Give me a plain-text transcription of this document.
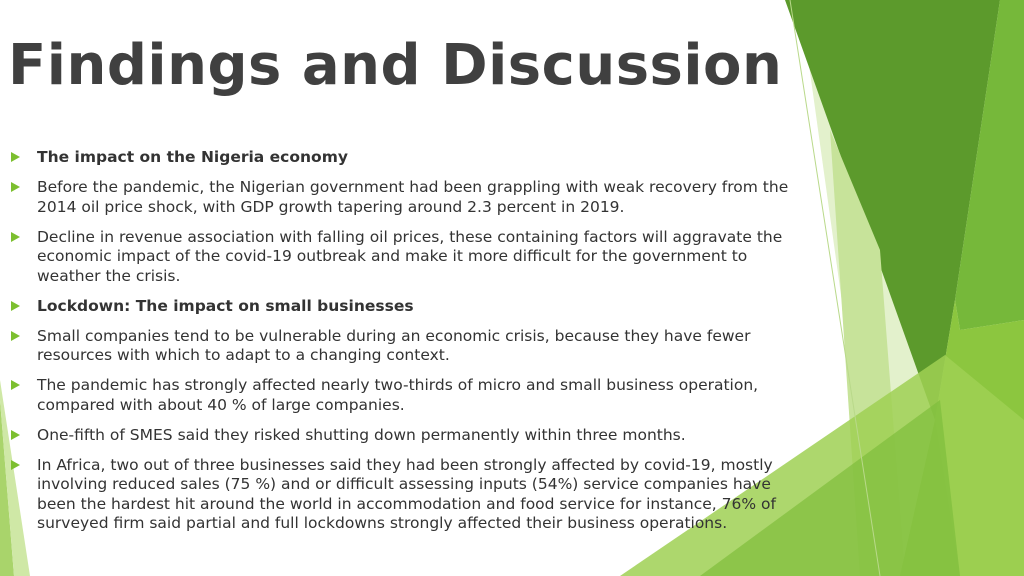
Findings and Discussion
The impact on the Nigeria economy
Before the pandemic, the Nigerian government had been grappling with weak recovery from the 2014 oil price shock, with GDP growth tapering around 2.3 percent in 2019.
Decline in revenue association with falling oil prices, these containing factors will aggravate the economic impact of the covid-19 outbreak and make it more difficult for the government to weather the crisis.
Lockdown: The impact on small businesses
Small companies tend to be vulnerable during an economic crisis, because they have fewer resources with which to adapt to a changing context.
The pandemic has strongly affected nearly two-thirds of micro and small business operation, compared with about 40 % of large companies.
One-fifth of SMES said they risked shutting down permanently within three months.
In Africa, two out of three businesses said they had been strongly affected by covid-19, mostly involving reduced sales (75 %) and or difficult assessing inputs (54%) service companies have been the hardest hit around the world in accommodation and food service for instance, 76% of surveyed firm said partial and full lockdowns strongly affected their business operations.
